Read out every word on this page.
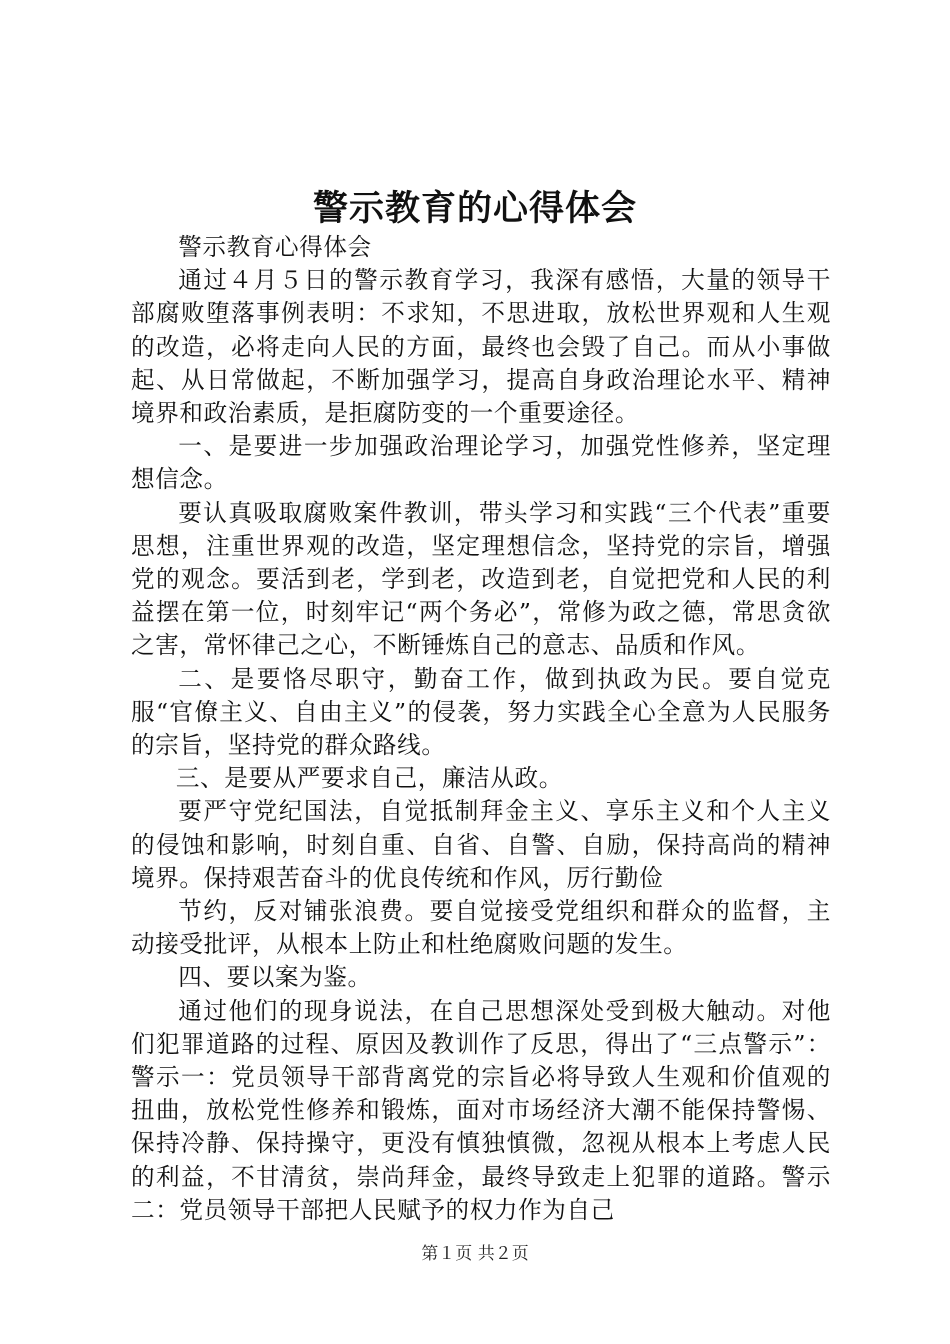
警示教育的心得体会

警示教育心得体会

通过４月５日的警示教育学习，我深有感悟，大量的领导干部腐败堕落事例表明：不求知，不思进取，放松世界观和人生观的改造，必将走向人民的方面，最终也会毁了自己。而从小事做起、从日常做起，不断加强学习，提高自身政治理论水平、精神境界和政治素质，是拒腐防变的一个重要途径。

一、是要进一步加强政治理论学习，加强党性修养，坚定理想信念。

要认真吸取腐败案件教训，带头学习和实践“三个代表”重要思想，注重世界观的改造，坚定理想信念，坚持党的宗旨，增强党的观念。要活到老，学到老，改造到老，自觉把党和人民的利益摆在第一位，时刻牢记“两个务必”，常修为政之德，常思贪欲之害，常怀律己之心，不断锤炼自己的意志、品质和作风。

二、是要恪尽职守，勤奋工作，做到执政为民。要自觉克服“官僚主义、自由主义”的侵袭，努力实践全心全意为人民服务的宗旨，坚持党的群众路线。

三、是要从严要求自己，廉洁从政。

要严守党纪国法，自觉抵制拜金主义、享乐主义和个人主义的侵蚀和影响，时刻自重、自省、自警、自励，保持高尚的精神境界。保持艰苦奋斗的优良传统和作风，厉行勤俭

节约，反对铺张浪费。要自觉接受党组织和群众的监督，主动接受批评，从根本上防止和杜绝腐败问题的发生。

四、要以案为鉴。

通过他们的现身说法，在自己思想深处受到极大触动。对他们犯罪道路的过程、原因及教训作了反思，得出了“三点警示”：警示一：党员领导干部背离党的宗旨必将导致人生观和价值观的扭曲，放松党性修养和锻炼，面对市场经济大潮不能保持警惕、保持冷静、保持操守，更没有慎独慎微，忽视从根本上考虑人民的利益，不甘清贫，崇尚拜金，最终导致走上犯罪的道路。警示二：党员领导干部把人民赋予的权力作为自己

第１页 共２页
